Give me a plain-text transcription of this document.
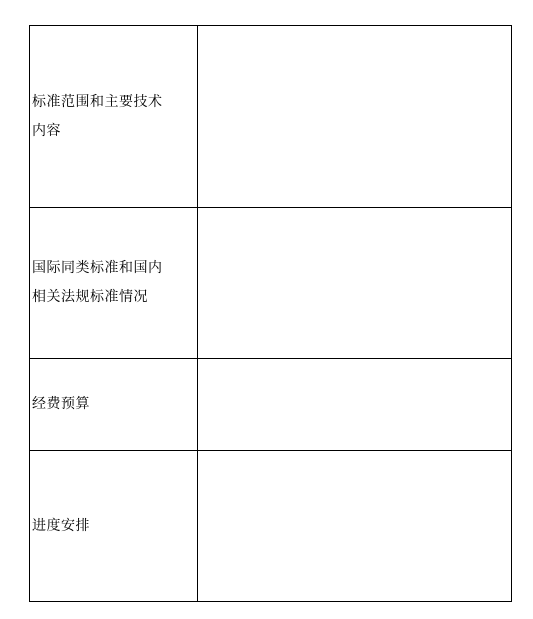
标准范围和主要技术
内容	

国际同类标准和国内
相关法规标准情况	

经费预算	

进度安排	
